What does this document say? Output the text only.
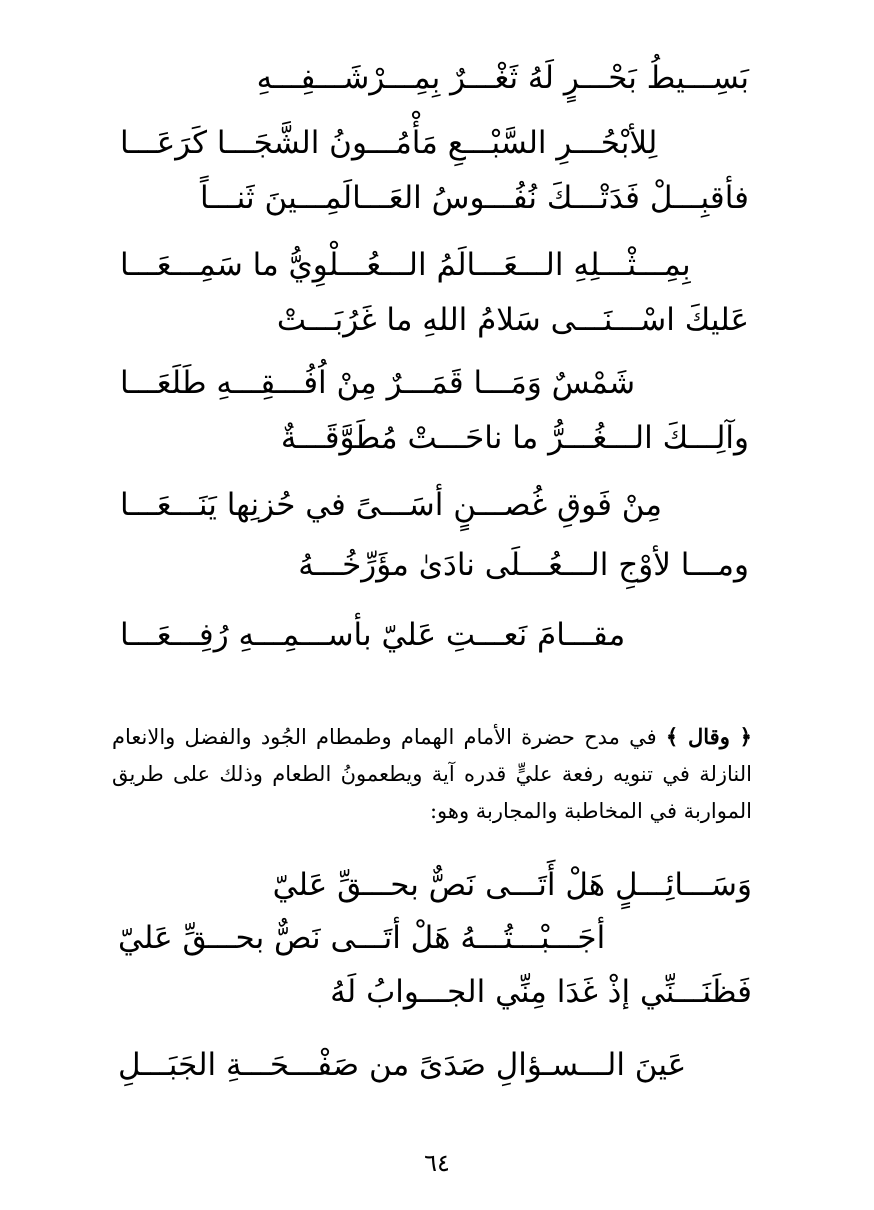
بَسِـــيطُ بَحْـــرٍ لَهُ ثَغْـــرٌ بِمِـــرْشَـــفِـــهِ
لِلأبْحُـــرِ السَّبْـــعِ مَأْمُـــونُ الشَّجَـــا كَرَعَـــا
فأقبِـــلْ فَدَتْـــكَ نُفُـــوسُ العَـــالَمِـــينَ ثَنـــاً
بِمِـــثْـــلِهِ الـــعَـــالَمُ الـــعُـــلْوِيُّ ما سَمِـــعَـــا
عَليكَ اسْـــنَـــى سَلامُ اللهِ ما غَرُبَـــتْ
شَمْسٌ وَمَـــا قَمَـــرٌ مِنْ اُفُـــقِـــهِ طَلَعَـــا
وآلِـــكَ الـــغُـــرُّ ما ناحَـــتْ مُطَوَّقَـــةٌ
مِنْ فَوقِ غُصـــنٍ أسَـــىً في حُزنِها يَنَـــعَـــا
ومـــا لأوْجِ الـــعُـــلَى نادَىٰ مؤَرِّخُـــهُ
مقـــامَ نَعـــتِ عَليّ بأســـمِـــهِ رُفِـــعَـــا
﴿ وقال ﴾ في مدح حضرة الأمام الهمام وطمطام الجُود والفضل والانعام النازلة في تنويه رفعة عليٍّ قدره آية ويطعمونُ الطعام وذلك على طريق المواربة في المخاطبة والمجاربة وهو:
وَسَـــائِـــلٍ هَلْ أَتَـــى نَصٌّ بحـــقِّ عَليّ
أجَـــبْـــتُـــهُ هَلْ أتَـــى نَصٌّ بحـــقِّ عَليّ
فَظَنَـــنِّي إذْ غَدَا مِنِّي الجـــوابُ لَهُ
عَينَ الـــسـؤالِ صَدَىً من صَفْـــحَـــةِ الجَبَـــلِ
٦٤
